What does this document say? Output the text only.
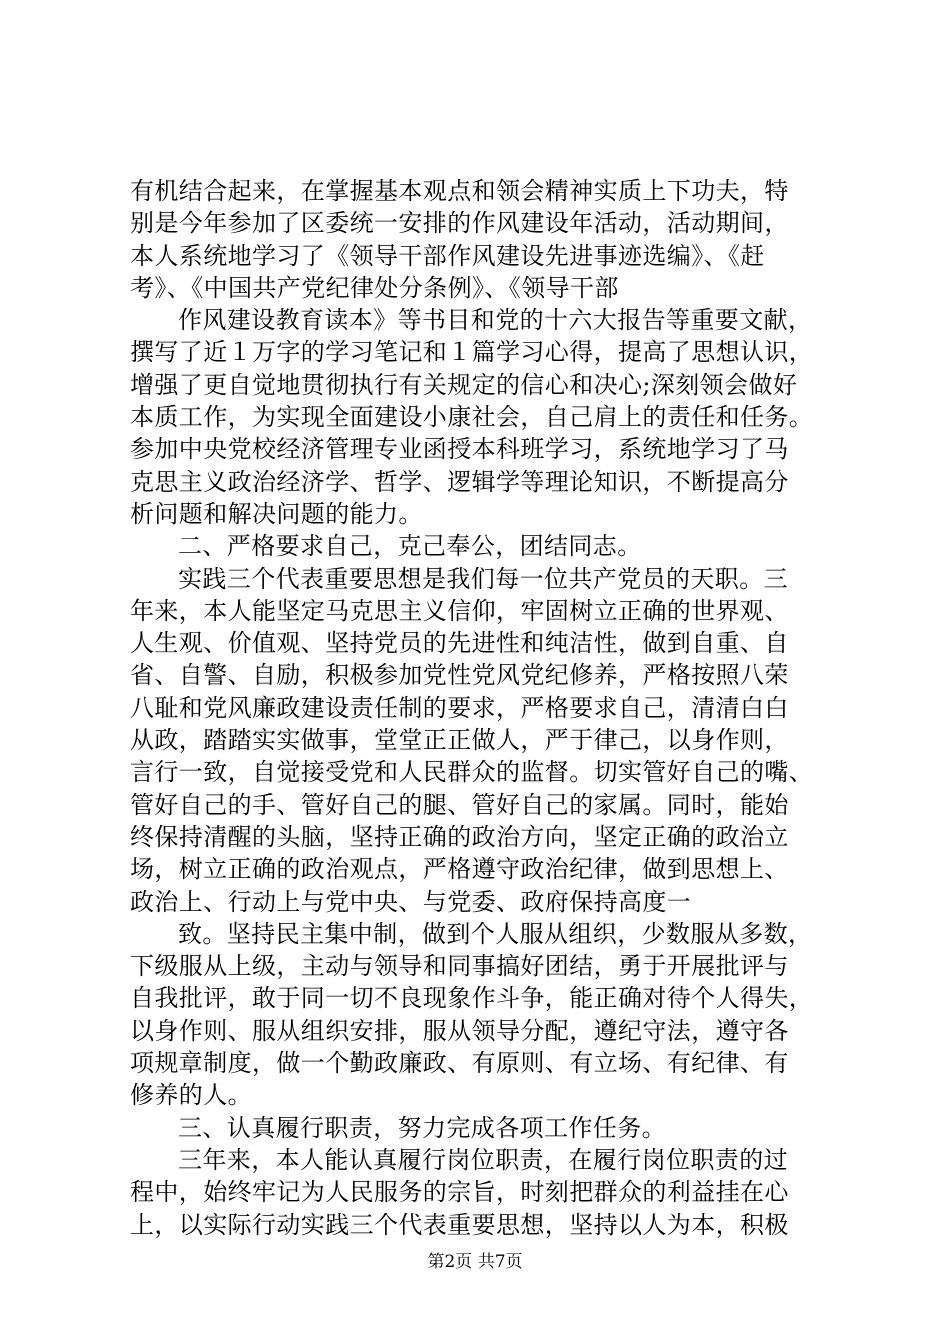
有机结合起来，在掌握基本观点和领会精神实质上下功夫，特
别是今年参加了区委统一安排的作风建设年活动，活动期间，
本人系统地学习了《领导干部作风建设先进事迹选编》、《赶
考》、《中国共产党纪律处分条例》、《领导干部
作风建设教育读本》等书目和党的十六大报告等重要文献，
撰写了近１万字的学习笔记和１篇学习心得，提高了思想认识，
增强了更自觉地贯彻执行有关规定的信心和决心;深刻领会做好
本质工作，为实现全面建设小康社会，自己肩上的责任和任务。
参加中央党校经济管理专业函授本科班学习，系统地学习了马
克思主义政治经济学、哲学、逻辑学等理论知识，不断提高分
析问题和解决问题的能力。
二、严格要求自己，克己奉公，团结同志。
实践三个代表重要思想是我们每一位共产党员的天职。三
年来，本人能坚定马克思主义信仰，牢固树立正确的世界观、
人生观、价值观、坚持党员的先进性和纯洁性，做到自重、自
省、自警、自励，积极参加党性党风党纪修养，严格按照八荣
八耻和党风廉政建设责任制的要求，严格要求自己，清清白白
从政，踏踏实实做事，堂堂正正做人，严于律己，以身作则，
言行一致，自觉接受党和人民群众的监督。切实管好自己的嘴、
管好自己的手、管好自己的腿、管好自己的家属。同时，能始
终保持清醒的头脑，坚持正确的政治方向，坚定正确的政治立
场，树立正确的政治观点，严格遵守政治纪律，做到思想上、
政治上、行动上与党中央、与党委、政府保持高度一
致。坚持民主集中制，做到个人服从组织，少数服从多数，
下级服从上级，主动与领导和同事搞好团结，勇于开展批评与
自我批评，敢于同一切不良现象作斗争，能正确对待个人得失，
以身作则、服从组织安排，服从领导分配，遵纪守法，遵守各
项规章制度，做一个勤政廉政、有原则、有立场、有纪律、有
修养的人。
三、认真履行职责，努力完成各项工作任务。
三年来，本人能认真履行岗位职责，在履行岗位职责的过
程中，始终牢记为人民服务的宗旨，时刻把群众的利益挂在心
上，以实际行动实践三个代表重要思想，坚持以人为本，积极
第2页 共7页
